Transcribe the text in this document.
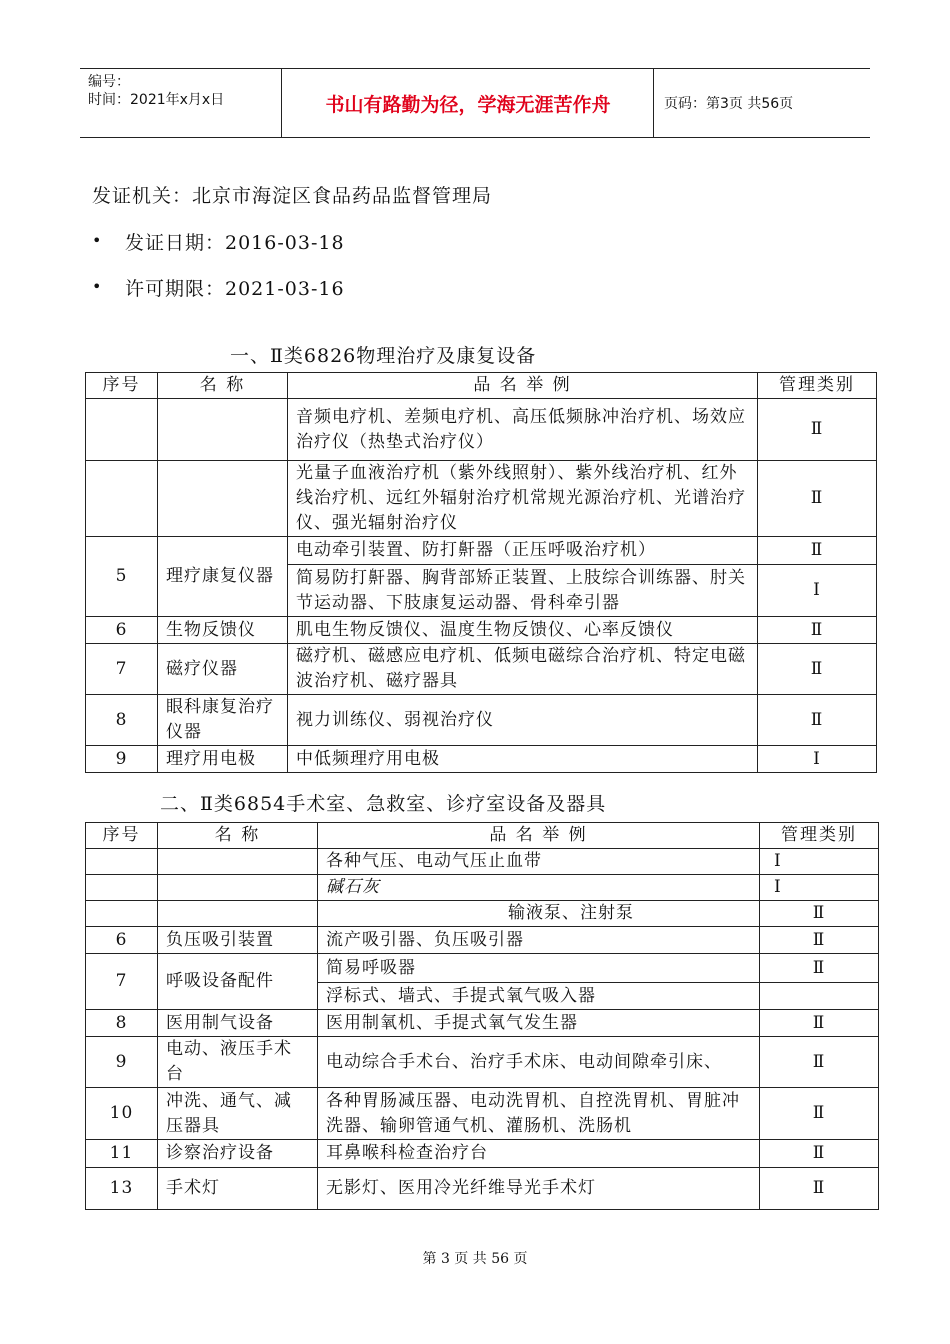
编号：
时间：2021年x月x日	书山有路勤为径，学海无涯苦作舟	页码：第3页 共56页
发证机关：北京市海淀区食品药品监督管理局
• 发证日期：2016-03-18
• 许可期限：2021-03-16
一、Ⅱ类6826物理治疗及康复设备
序号	名 称	品 名 举 例	管理类别
		音频电疗机、差频电疗机、高压低频脉冲治疗机、场效应治疗仪（热垫式治疗仪）	Ⅱ
		光量子血液治疗机（紫外线照射）、紫外线治疗机、红外线治疗机、远红外辐射治疗机常规光源治疗机、光谱治疗仪、强光辐射治疗仪	Ⅱ
5	理疗康复仪器	电动牵引装置、防打鼾器（正压呼吸治疗机）	Ⅱ
		简易防打鼾器、胸背部矫正装置、上肢综合训练器、肘关节运动器、下肢康复运动器、骨科牵引器	Ⅰ
6	生物反馈仪	肌电生物反馈仪、温度生物反馈仪、心率反馈仪	Ⅱ
7	磁疗仪器	磁疗机、磁感应电疗机、低频电磁综合治疗机、特定电磁波治疗机、磁疗器具	Ⅱ
8	眼科康复治疗仪器	视力训练仪、弱视治疗仪	Ⅱ
9	理疗用电极	中低频理疗用电极	Ⅰ
二、Ⅱ类6854手术室、急救室、诊疗室设备及器具
序号	名 称	品 名 举 例	管理类别
		各种气压、电动气压止血带	Ⅰ
		碱石灰	Ⅰ
		输液泵、注射泵	Ⅱ
6	负压吸引装置	流产吸引器、负压吸引器	Ⅱ
7	呼吸设备配件	简易呼吸器	Ⅱ
		浮标式、墙式、手提式氧气吸入器	
8	医用制气设备	医用制氧机、手提式氧气发生器	Ⅱ
9	电动、液压手术台	电动综合手术台、治疗手术床、电动间隙牵引床、	Ⅱ
10	冲洗、通气、减压器具	各种胃肠减压器、电动洗胃机、自控洗胃机、胃脏冲洗器、输卵管通气机、灌肠机、洗肠机	Ⅱ
11	诊察治疗设备	耳鼻喉科检查治疗台	Ⅱ
13	手术灯	无影灯、医用冷光纤维导光手术灯	Ⅱ
第 3 页 共 56 页
